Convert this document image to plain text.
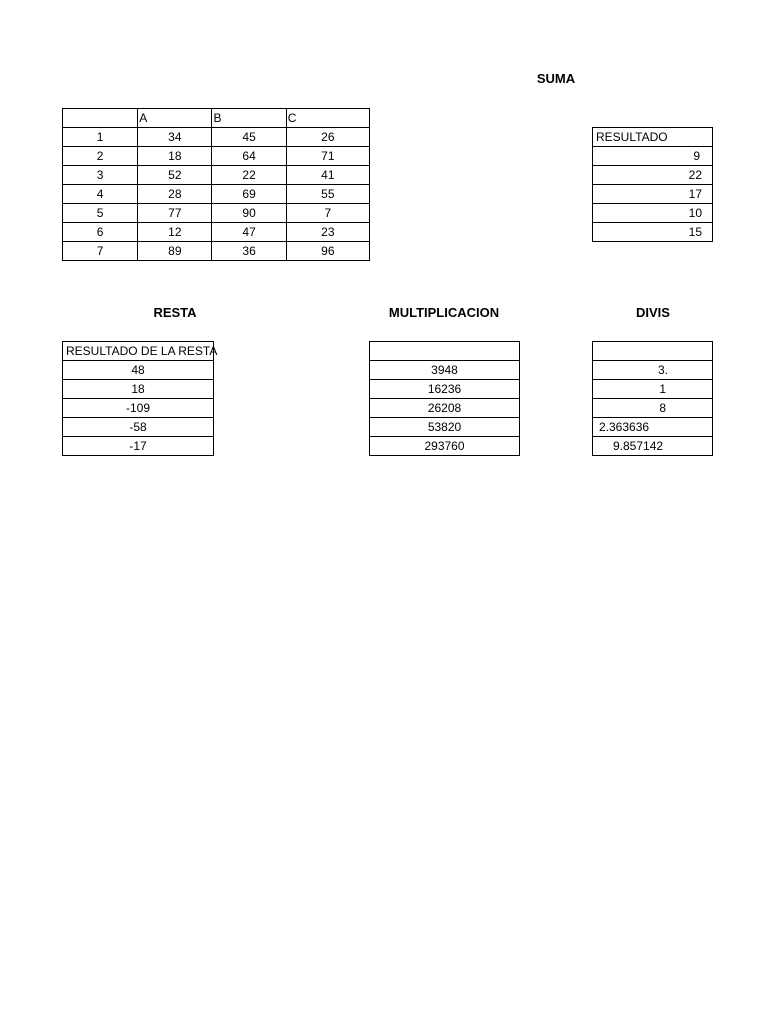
SUMA
	A	B	C
1	34	45	26
2	18	64	71
3	52	22	41
4	28	69	55
5	77	90	7
6	12	47	23
7	89	36	96
RESULTADO
9
22
17
10
15
RESTA	MULTIPLICACION	DIVIS
RESULTADO DE LA RESTA
48
18
-109
-58
-17

3948
16236
26208
53820
293760

3.
1
8
2.363636
9.857142
